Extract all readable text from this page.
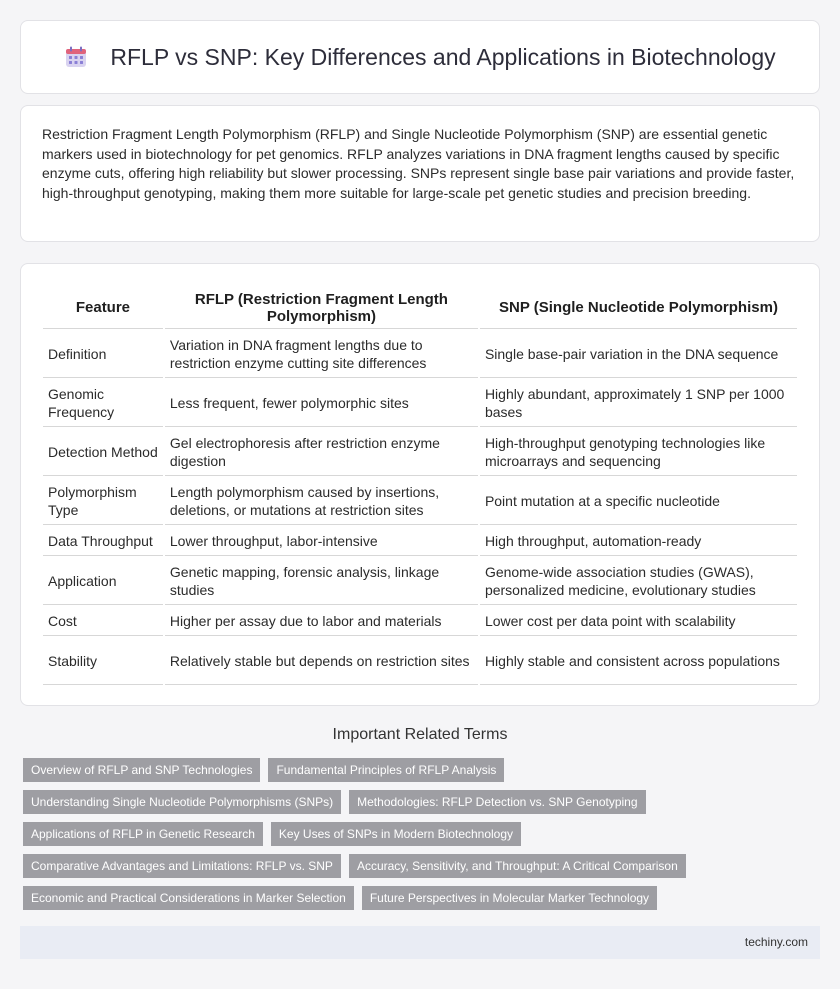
RFLP vs SNP: Key Differences and Applications in Biotechnology

Restriction Fragment Length Polymorphism (RFLP) and Single Nucleotide Polymorphism (SNP) are essential genetic markers used in biotechnology for pet genomics. RFLP analyzes variations in DNA fragment lengths caused by specific enzyme cuts, offering high reliability but slower processing. SNPs represent single base pair variations and provide faster, high-throughput genotyping, making them more suitable for large-scale pet genetic studies and precision breeding.

Feature	RFLP (Restriction Fragment Length Polymorphism)	SNP (Single Nucleotide Polymorphism)
Definition	Variation in DNA fragment lengths due to restriction enzyme cutting site differences	Single base-pair variation in the DNA sequence
Genomic Frequency	Less frequent, fewer polymorphic sites	Highly abundant, approximately 1 SNP per 1000 bases
Detection Method	Gel electrophoresis after restriction enzyme digestion	High-throughput genotyping technologies like microarrays and sequencing
Polymorphism Type	Length polymorphism caused by insertions, deletions, or mutations at restriction sites	Point mutation at a specific nucleotide
Data Throughput	Lower throughput, labor-intensive	High throughput, automation-ready
Application	Genetic mapping, forensic analysis, linkage studies	Genome-wide association studies (GWAS), personalized medicine, evolutionary studies
Cost	Higher per assay due to labor and materials	Lower cost per data point with scalability
Stability	Relatively stable but depends on restriction sites	Highly stable and consistent across populations
Important Related Terms
Overview of RFLP and SNP Technologies	Fundamental Principles of RFLP Analysis
Understanding Single Nucleotide Polymorphisms (SNPs)	Methodologies: RFLP Detection vs. SNP Genotyping
Applications of RFLP in Genetic Research	Key Uses of SNPs in Modern Biotechnology
Comparative Advantages and Limitations: RFLP vs. SNP	Accuracy, Sensitivity, and Throughput: A Critical Comparison
Economic and Practical Considerations in Marker Selection	Future Perspectives in Molecular Marker Technology
techiny.com
